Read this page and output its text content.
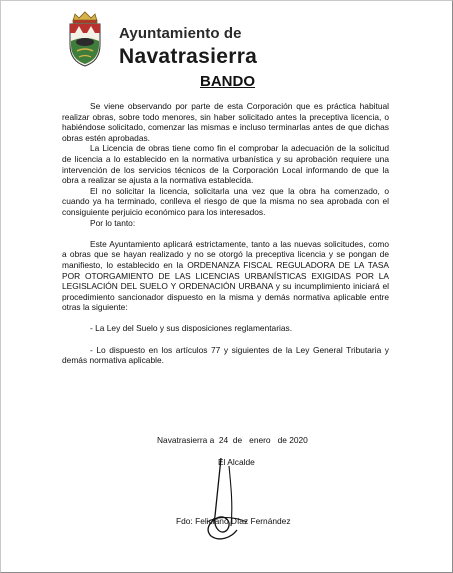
Ayuntamiento de
Navatrasierra
BANDO

Se viene observando por parte de esta Corporación que es práctica habitual realizar obras, sobre todo menores, sin haber solicitado antes la preceptiva licencia, o habiéndose solicitado, comenzar las mismas e incluso terminarlas antes de que dichas obras estén aprobadas.

La Licencia de obras tiene como fin el comprobar la adecuación de la solicitud de licencia a lo establecido en la normativa urbanística y su aprobación requiere una intervención de los servicios técnicos de la Corporación Local informando de que la obra a realizar se ajusta a la normativa establecida.

El no solicitar la licencia, solicitarla una vez que la obra ha comenzado, o cuando ya ha terminado, conlleva el riesgo de que la misma no sea aprobada con el consiguiente perjuicio económico para los interesados.

Por lo tanto:

Este Ayuntamiento aplicará estrictamente, tanto a las nuevas solicitudes, como a obras que se hayan realizado y no se otorgó la preceptiva licencia y se pongan de manifiesto, lo establecido en la ORDENANZA FISCAL REGULADORA DE LA TASA POR OTORGAMIENTO DE LAS LICENCIAS URBANÍSTICAS EXIGIDAS POR LA LEGISLACIÓN DEL SUELO Y ORDENACIÓN URBANA y su incumplimiento iniciará el procedimiento sancionador dispuesto en la misma y demás normativa aplicable entre otras la siguiente:

- La Ley del Suelo y sus disposiciones reglamentarias.

- Lo dispuesto en los artículos 77 y siguientes de la Ley General Tributaria y demás normativa aplicable.

Navatrasierra a  24  de   enero   de 2020
El Alcalde
Fdo: Feliciano Díaz Fernández
